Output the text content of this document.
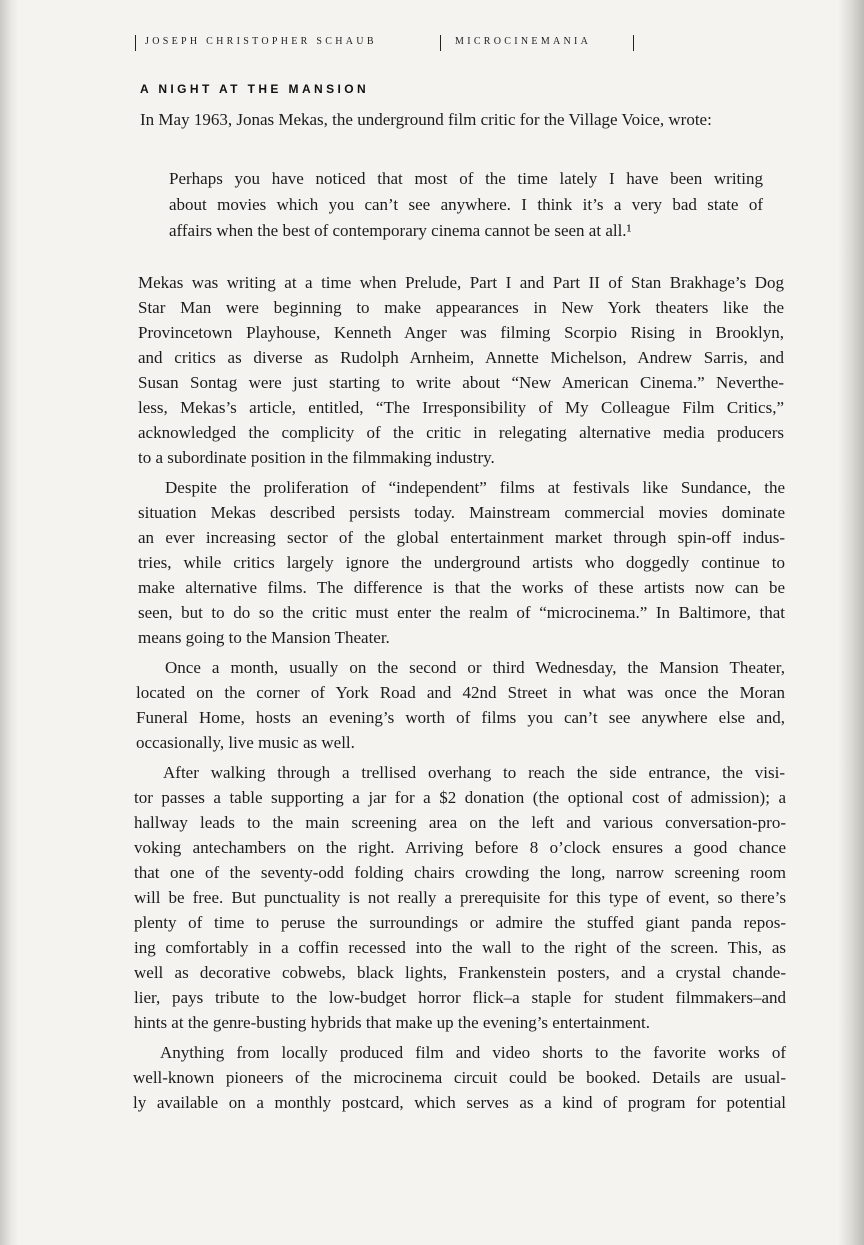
JOSEPH CHRISTOPHER SCHAUB	MICROCINEMANIA
A NIGHT AT THE MANSION
In May 1963, Jonas Mekas, the underground film critic for the Village Voice, wrote:
Perhaps you have noticed that most of the time lately I have been writing
about movies which you can’t see anywhere. I think it’s a very bad state of
affairs when the best of contemporary cinema cannot be seen at all.¹
Mekas was writing at a time when Prelude, Part I and Part II of Stan Brakhage’s Dog
Star Man were beginning to make appearances in New York theaters like the
Provincetown Playhouse, Kenneth Anger was filming Scorpio Rising in Brooklyn,
and critics as diverse as Rudolph Arnheim, Annette Michelson, Andrew Sarris, and
Susan Sontag were just starting to write about “New American Cinema.” Neverthe-
less, Mekas’s article, entitled, “The Irresponsibility of My Colleague Film Critics,”
acknowledged the complicity of the critic in relegating alternative media producers
to a subordinate position in the filmmaking industry.
Despite the proliferation of “independent” films at festivals like Sundance, the
situation Mekas described persists today. Mainstream commercial movies dominate
an ever increasing sector of the global entertainment market through spin-off indus-
tries, while critics largely ignore the underground artists who doggedly continue to
make alternative films. The difference is that the works of these artists now can be
seen, but to do so the critic must enter the realm of “microcinema.” In Baltimore, that
means going to the Mansion Theater.
Once a month, usually on the second or third Wednesday, the Mansion Theater,
located on the corner of York Road and 42nd Street in what was once the Moran
Funeral Home, hosts an evening’s worth of films you can’t see anywhere else and,
occasionally, live music as well.
After walking through a trellised overhang to reach the side entrance, the visi-
tor passes a table supporting a jar for a $2 donation (the optional cost of admission); a
hallway leads to the main screening area on the left and various conversation-pro-
voking antechambers on the right. Arriving before 8 o’clock ensures a good chance
that one of the seventy-odd folding chairs crowding the long, narrow screening room
will be free. But punctuality is not really a prerequisite for this type of event, so there’s
plenty of time to peruse the surroundings or admire the stuffed giant panda repos-
ing comfortably in a coffin recessed into the wall to the right of the screen. This, as
well as decorative cobwebs, black lights, Frankenstein posters, and a crystal chande-
lier, pays tribute to the low-budget horror flick–a staple for student filmmakers–and
hints at the genre-busting hybrids that make up the evening’s entertainment.
Anything from locally produced film and video shorts to the favorite works of
well-known pioneers of the microcinema circuit could be booked. Details are usual-
ly available on a monthly postcard, which serves as a kind of program for potential
